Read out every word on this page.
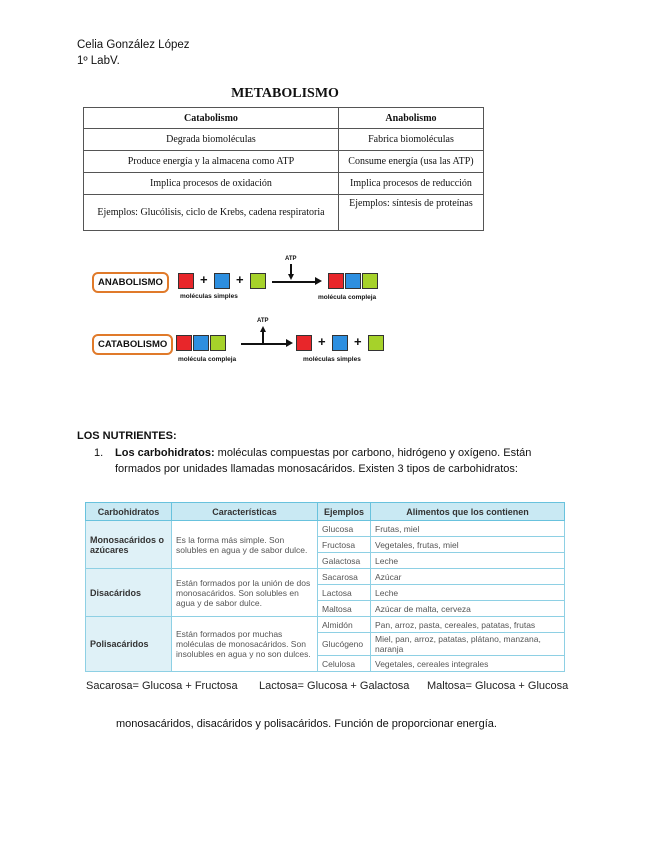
Celia González López
1º LabV.
METABOLISMO
Catabolismo	Anabolismo
Degrada biomoléculas	Fabrica biomoléculas
Produce energía y la almacena como ATP	Consume energía (usa las ATP)
Implica procesos de oxidación	Implica procesos de reducción
Ejemplos: Glucólisis, ciclo de Krebs, cadena respiratoria	Ejemplos: síntesis de proteínas
ANABOLISMO	+ +
moléculas simples
ATP
molécula compleja
CATABOLISMO
molécula compleja
ATP
+ +
moléculas simples
LOS NUTRIENTES:
1. Los carbohidratos: moléculas compuestas por carbono, hidrógeno y oxígeno. Están formados por unidades llamadas monosacáridos. Existen 3 tipos de carbohidratos:
Carbohidratos	Características	Ejemplos	Alimentos que los contienen
Monosacáridos o azúcares	Es la forma más simple. Son solubles en agua y de sabor dulce.	Glucosa	Frutas, miel
		Fructosa	Vegetales, frutas, miel
		Galactosa	Leche
Disacáridos	Están formados por la unión de dos monosacáridos. Son solubles en agua y de sabor dulce.	Sacarosa	Azúcar
		Lactosa	Leche
		Maltosa	Azúcar de malta, cerveza
Polisacáridos	Están formados por muchas moléculas de monosacáridos. Son insolubles en agua y no son dulces.	Almidón	Pan, arroz, pasta, cereales, patatas, frutas
		Glucógeno	Miel, pan, arroz, patatas, plátano, manzana, naranja
		Celulosa	Vegetales, cereales integrales
Sacarosa= Glucosa + Fructosa Lactosa= Glucosa + Galactosa Maltosa= Glucosa + Glucosa
monosacáridos, disacáridos y polisacáridos. Función de proporcionar energía.
